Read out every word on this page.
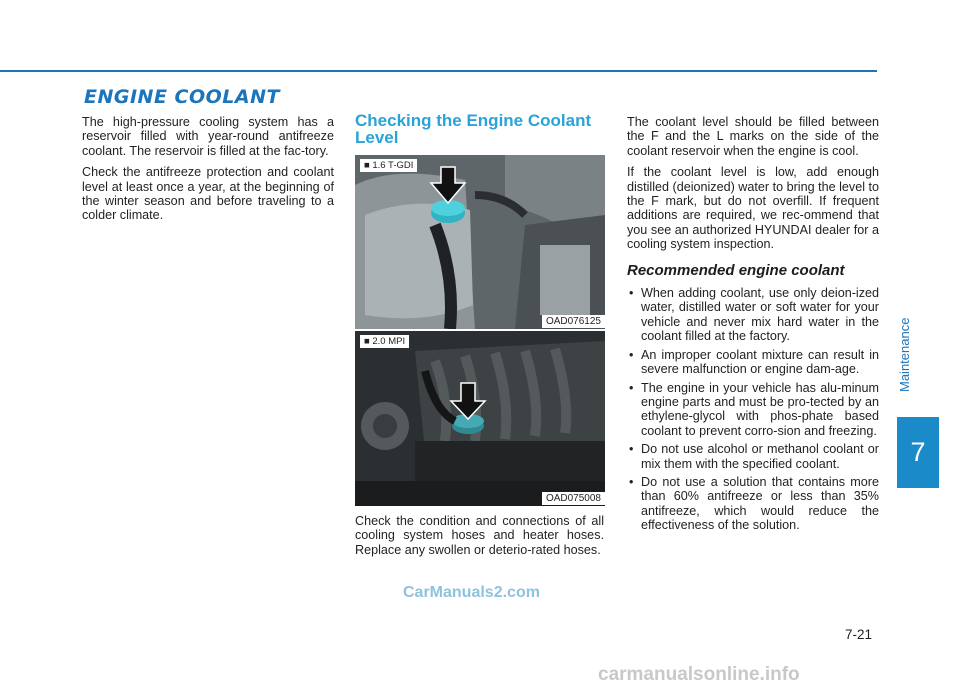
ENGINE COOLANT

The high-pressure cooling system has a reservoir filled with year-round antifreeze coolant. The reservoir is filled at the fac-tory.

Check the antifreeze protection and coolant level at least once a year, at the beginning of the winter season and before traveling to a colder climate.

Checking the Engine Coolant Level
■ 1.6 T-GDI
OAD076125
■ 2.0 MPI
OAD075008

Check the condition and connections of all cooling system hoses and heater hoses. Replace any swollen or deterio-rated hoses.

The coolant level should be filled between the F and the L marks on the side of the coolant reservoir when the engine is cool.

If the coolant level is low, add enough distilled (deionized) water to bring the level to the F mark, but do not overfill. If frequent additions are required, we rec-ommend that you see an authorized HYUNDAI dealer for a cooling system inspection.

Recommended engine coolant
• When adding coolant, use only deion-ized water, distilled water or soft water for your vehicle and never mix hard water in the coolant filled at the factory.
• An improper coolant mixture can result in severe malfunction or engine dam-age.
• The engine in your vehicle has alu-minum engine parts and must be pro-tected by an ethylene-glycol with phos-phate based coolant to prevent corro-sion and freezing.
• Do not use alcohol or methanol coolant or mix them with the specified coolant.
• Do not use a solution that contains more than 60% antifreeze or less than 35% antifreeze, which would reduce the effectiveness of the solution.
Maintenance
7
7-21
CarManuals2.com
carmanualsonline.info
